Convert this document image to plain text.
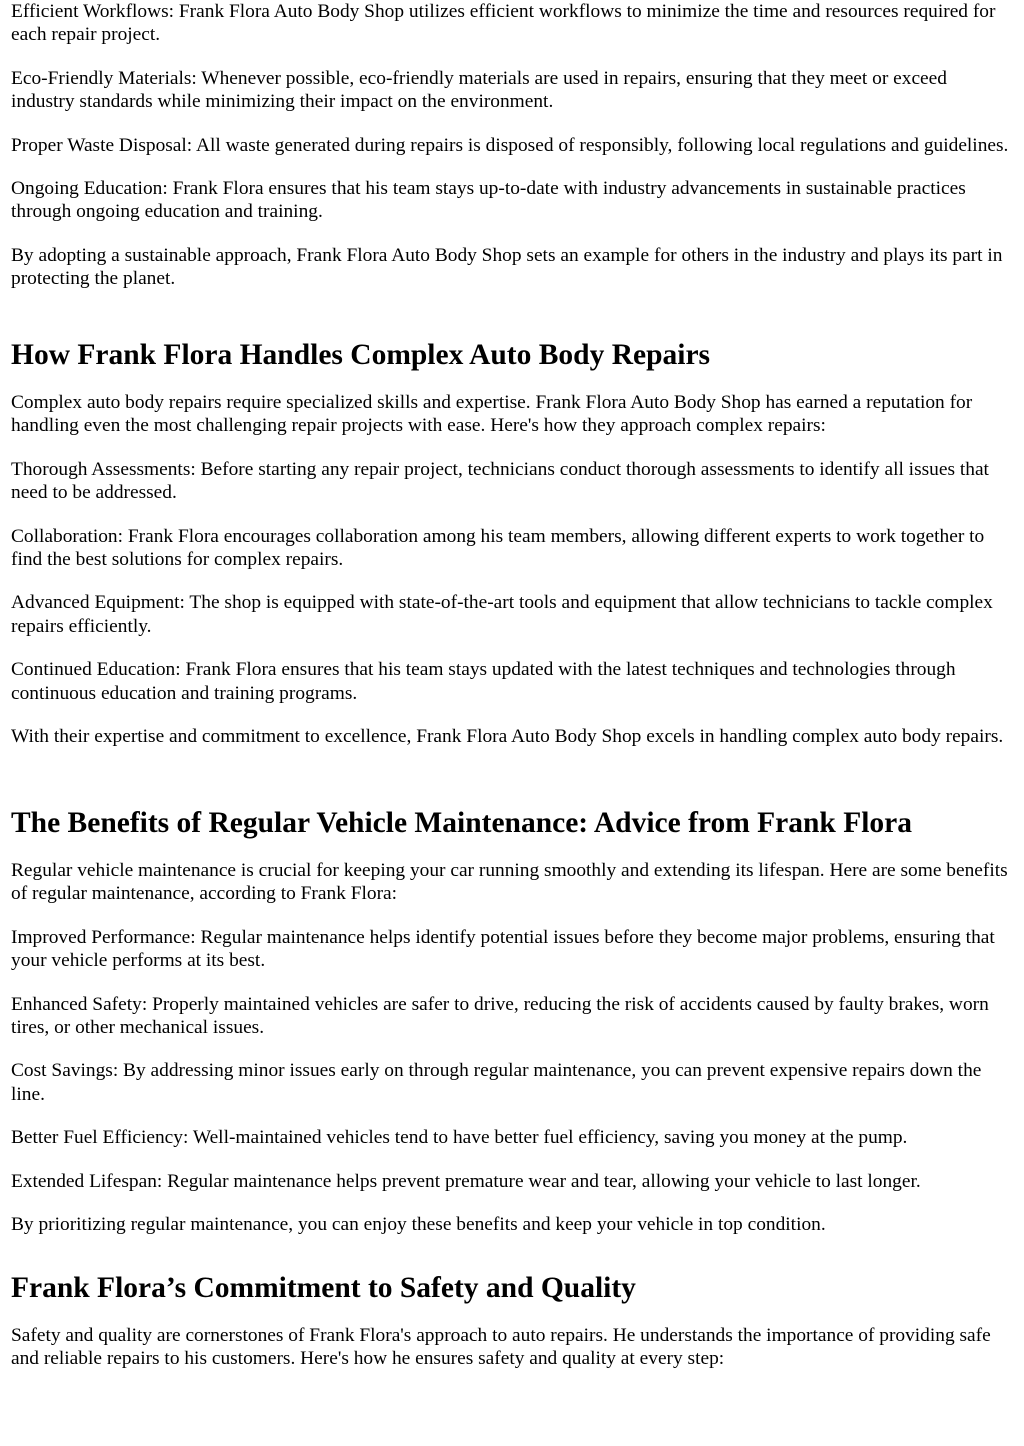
Efficient Workflows: Frank Flora Auto Body Shop utilizes efficient workflows to minimize the time and resources required for each repair project.

Eco-Friendly Materials: Whenever possible, eco-friendly materials are used in repairs, ensuring that they meet or exceed industry standards while minimizing their impact on the environment.

Proper Waste Disposal: All waste generated during repairs is disposed of responsibly, following local regulations and guidelines.

Ongoing Education: Frank Flora ensures that his team stays up-to-date with industry advancements in sustainable practices through ongoing education and training.

By adopting a sustainable approach, Frank Flora Auto Body Shop sets an example for others in the industry and plays its part in protecting the planet.

How Frank Flora Handles Complex Auto Body Repairs

Complex auto body repairs require specialized skills and expertise. Frank Flora Auto Body Shop has earned a reputation for handling even the most challenging repair projects with ease. Here's how they approach complex repairs:

Thorough Assessments: Before starting any repair project, technicians conduct thorough assessments to identify all issues that need to be addressed.

Collaboration: Frank Flora encourages collaboration among his team members, allowing different experts to work together to find the best solutions for complex repairs.

Advanced Equipment: The shop is equipped with state-of-the-art tools and equipment that allow technicians to tackle complex repairs efficiently.

Continued Education: Frank Flora ensures that his team stays updated with the latest techniques and technologies through continuous education and training programs.

With their expertise and commitment to excellence, Frank Flora Auto Body Shop excels in handling complex auto body repairs.

The Benefits of Regular Vehicle Maintenance: Advice from Frank Flora

Regular vehicle maintenance is crucial for keeping your car running smoothly and extending its lifespan. Here are some benefits of regular maintenance, according to Frank Flora:

Improved Performance: Regular maintenance helps identify potential issues before they become major problems, ensuring that your vehicle performs at its best.

Enhanced Safety: Properly maintained vehicles are safer to drive, reducing the risk of accidents caused by faulty brakes, worn tires, or other mechanical issues.

Cost Savings: By addressing minor issues early on through regular maintenance, you can prevent expensive repairs down the line.

Better Fuel Efficiency: Well-maintained vehicles tend to have better fuel efficiency, saving you money at the pump.

Extended Lifespan: Regular maintenance helps prevent premature wear and tear, allowing your vehicle to last longer.

By prioritizing regular maintenance, you can enjoy these benefits and keep your vehicle in top condition.

Frank Flora’s Commitment to Safety and Quality

Safety and quality are cornerstones of Frank Flora's approach to auto repairs. He understands the importance of providing safe and reliable repairs to his customers. Here's how he ensures safety and quality at every step:
